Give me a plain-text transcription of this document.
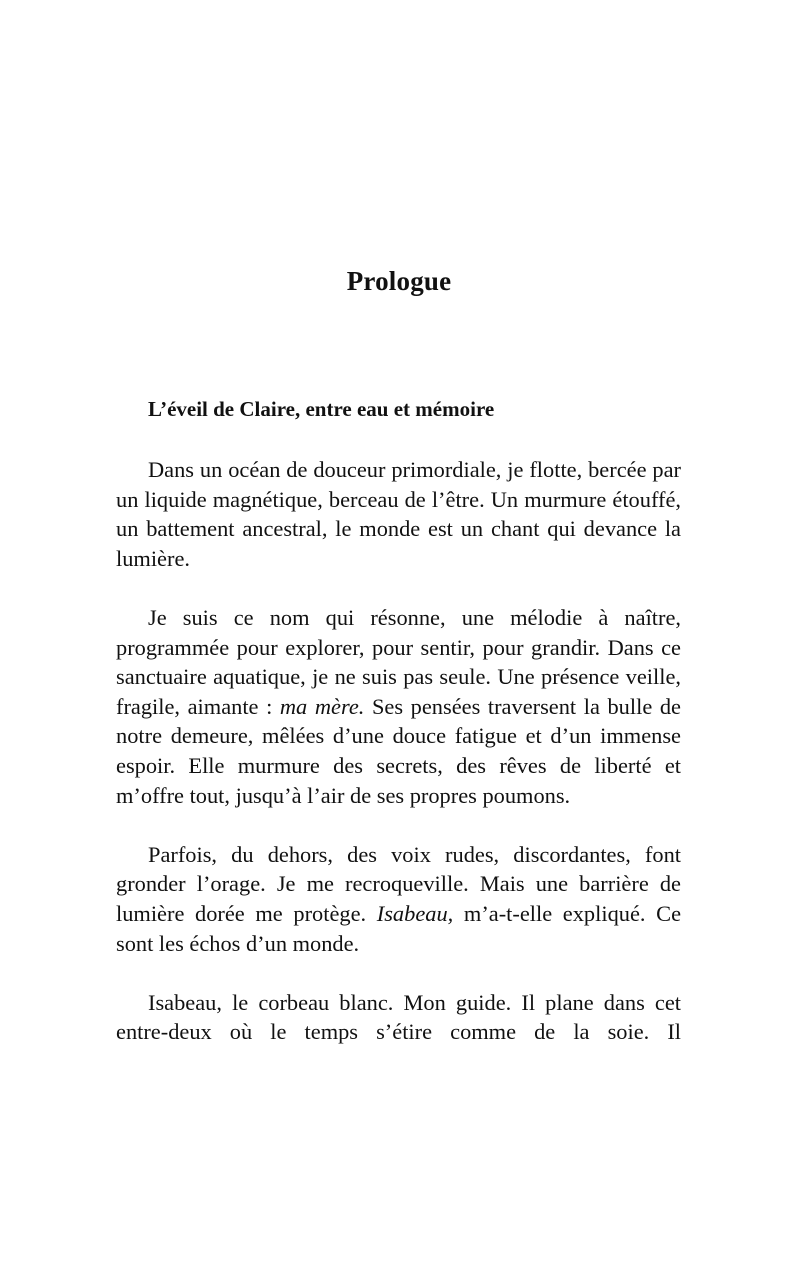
Prologue
L’éveil de Claire, entre eau et mémoire

Dans un océan de douceur primordiale, je flotte, bercée par un liquide magnétique, berceau de l’être. Un murmure étouffé, un battement ancestral, le monde est un chant qui devance la lumière.

Je suis ce nom qui résonne, une mélodie à naître, programmée pour explorer, pour sentir, pour grandir. Dans ce sanctuaire aquatique, je ne suis pas seule. Une présence veille, fragile, aimante : ma mère. Ses pensées traversent la bulle de notre demeure, mêlées d’une douce fatigue et d’un immense espoir. Elle murmure des secrets, des rêves de liberté et m’offre tout, jusqu’à l’air de ses propres poumons.

Parfois, du dehors, des voix rudes, discordantes, font gronder l’orage. Je me recroqueville. Mais une barrière de lumière dorée me protège. Isabeau, m’a-t-elle expliqué. Ce sont les échos d’un monde.

Isabeau, le corbeau blanc. Mon guide. Il plane dans cet entre-deux où le temps s’étire comme de la soie. Il
